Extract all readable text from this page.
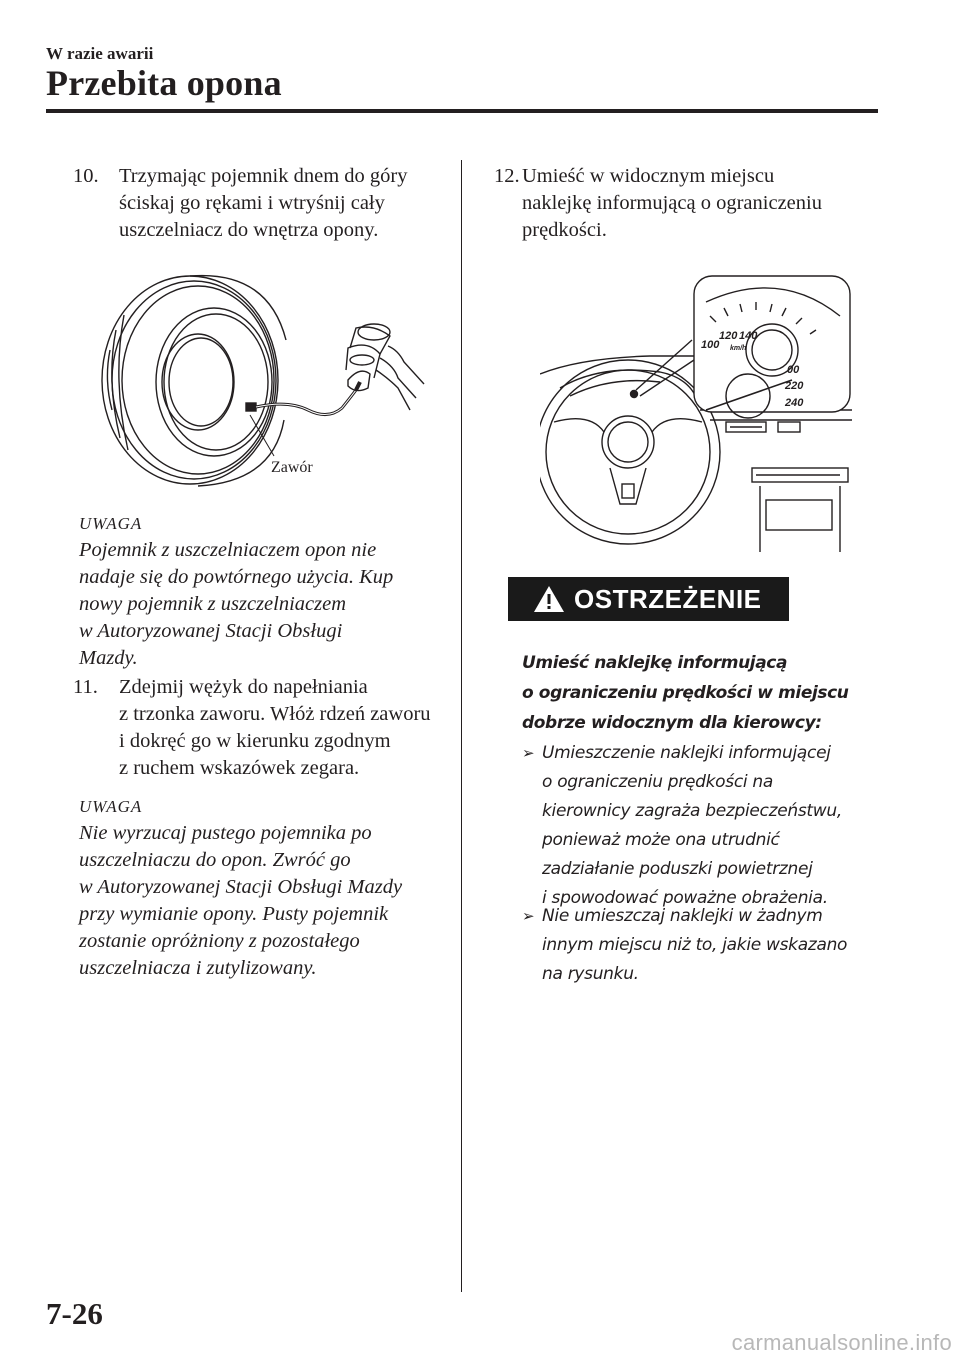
W razie awarii
Przebita opona
10. Trzymając pojemnik dnem do góry
ściskaj go rękami i wtryśnij cały
uszczelniacz do wnętrza opony.
Zawór
UWAGA
Pojemnik z uszczelniaczem opon nie
nadaje się do powtórnego użycia. Kup
nowy pojemnik z uszczelniaczem
w Autoryzowanej Stacji Obsługi
Mazdy.
11.	Zdejmij wężyk do napełniania
z trzonka zaworu. Włóż rdzeń zaworu
i dokręć go w kierunku zgodnym
z ruchem wskazówek zegara.
UWAGA
Nie wyrzucaj pustego pojemnika po
uszczelniaczu do opon. Zwróć go
w Autoryzowanej Stacji Obsługi Mazdy
przy wymianie opony. Pusty pojemnik
zostanie opróżniony z pozostałego
uszczelniacza i zutylizowany.
12. Umieść w widocznym miejscu
naklejkę informującą o ograniczeniu
prędkości.
100
120 140
00
220
240
km/h
OSTRZEŻENIE
Umieść naklejkę informującą
o ograniczeniu prędkości w miejscu
dobrze widocznym dla kierowcy:
➢ Umieszczenie naklejki informującej
o ograniczeniu prędkości na
kierownicy zagraża bezpieczeństwu,
ponieważ może ona utrudnić
zadziałanie poduszki powietrznej
i spowodować poważne obrażenia.
➢ Nie umieszczaj naklejki w żadnym
innym miejscu niż to, jakie wskazano
na rysunku.
7-26
carmanualsonline.info
